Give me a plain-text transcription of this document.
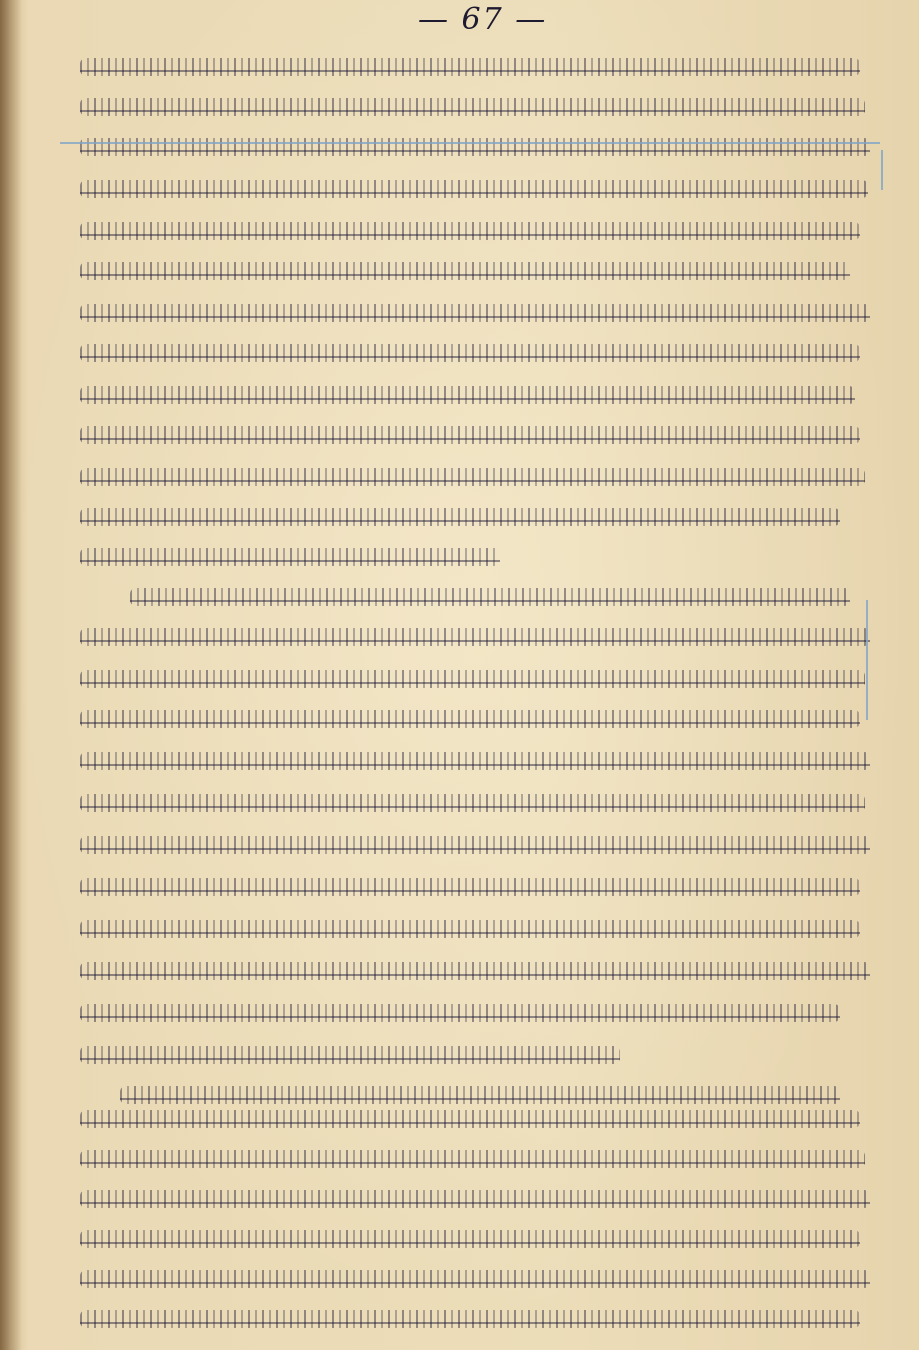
— 67 —
